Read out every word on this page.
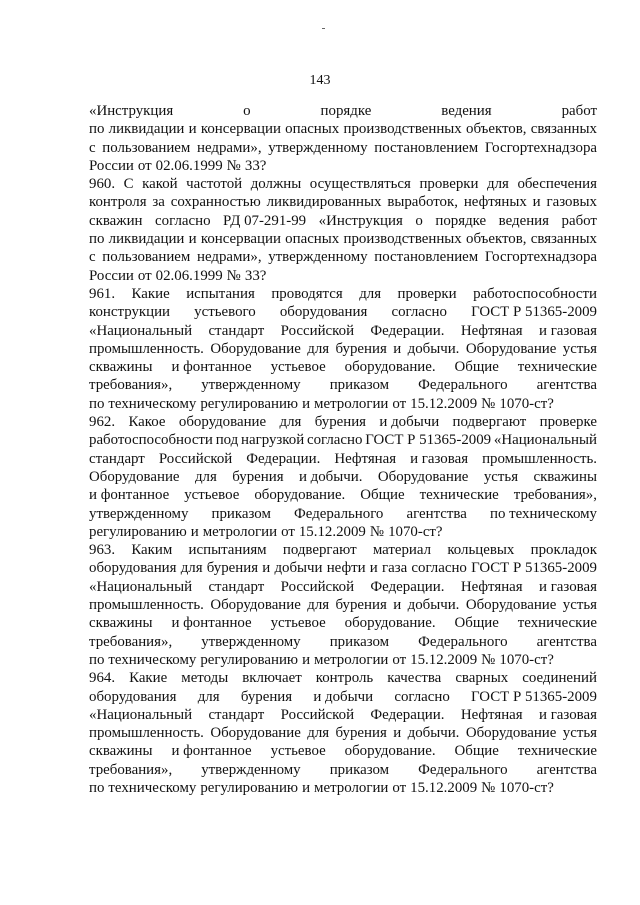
143
«Инструкция	о	порядке	ведения	работ
по ликвидации и консервации опасных производственных объектов, связанных
с пользованием недрами», утвержденному постановлением Госгортехнадзора
России от 02.06.1999 № 33?
960. С какой частотой должны осуществляться проверки для обеспечения
контроля за сохранностью ликвидированных выработок, нефтяных и газовых
скважин согласно РД 07-291-99 «Инструкция о порядке ведения работ
по ликвидации и консервации опасных производственных объектов, связанных
с пользованием недрами», утвержденному постановлением Госгортехнадзора
России от 02.06.1999 № 33?
961. Какие испытания проводятся для проверки работоспособности
конструкции устьевого оборудования согласно ГОСТ Р 51365-2009
«Национальный стандарт Российской Федерации. Нефтяная и газовая
промышленность. Оборудование для бурения и добычи. Оборудование устья
скважины и фонтанное устьевое оборудование. Общие технические
требования», утвержденному приказом Федерального агентства
по техническому регулированию и метрологии от 15.12.2009 № 1070-ст?
962. Какое оборудование для бурения и добычи подвергают проверке
работоспособности под нагрузкой согласно ГОСТ Р 51365-2009 «Национальный
стандарт Российской Федерации. Нефтяная и газовая промышленность.
Оборудование для бурения и добычи. Оборудование устья скважины
и фонтанное устьевое оборудование. Общие технические требования»,
утвержденному приказом Федерального агентства по техническому
регулированию и метрологии от 15.12.2009 № 1070-ст?
963. Каким испытаниям подвергают материал кольцевых прокладок
оборудования для бурения и добычи нефти и газа согласно ГОСТ Р 51365-2009
«Национальный стандарт Российской Федерации. Нефтяная и газовая
промышленность. Оборудование для бурения и добычи. Оборудование устья
скважины и фонтанное устьевое оборудование. Общие технические
требования», утвержденному приказом Федерального агентства
по техническому регулированию и метрологии от 15.12.2009 № 1070-ст?
964. Какие методы включает контроль качества сварных соединений
оборудования для бурения и добычи согласно ГОСТ Р 51365-2009
«Национальный стандарт Российской Федерации. Нефтяная и газовая
промышленность. Оборудование для бурения и добычи. Оборудование устья
скважины и фонтанное устьевое оборудование. Общие технические
требования», утвержденному приказом Федерального агентства
по техническому регулированию и метрологии от 15.12.2009 № 1070-ст?
